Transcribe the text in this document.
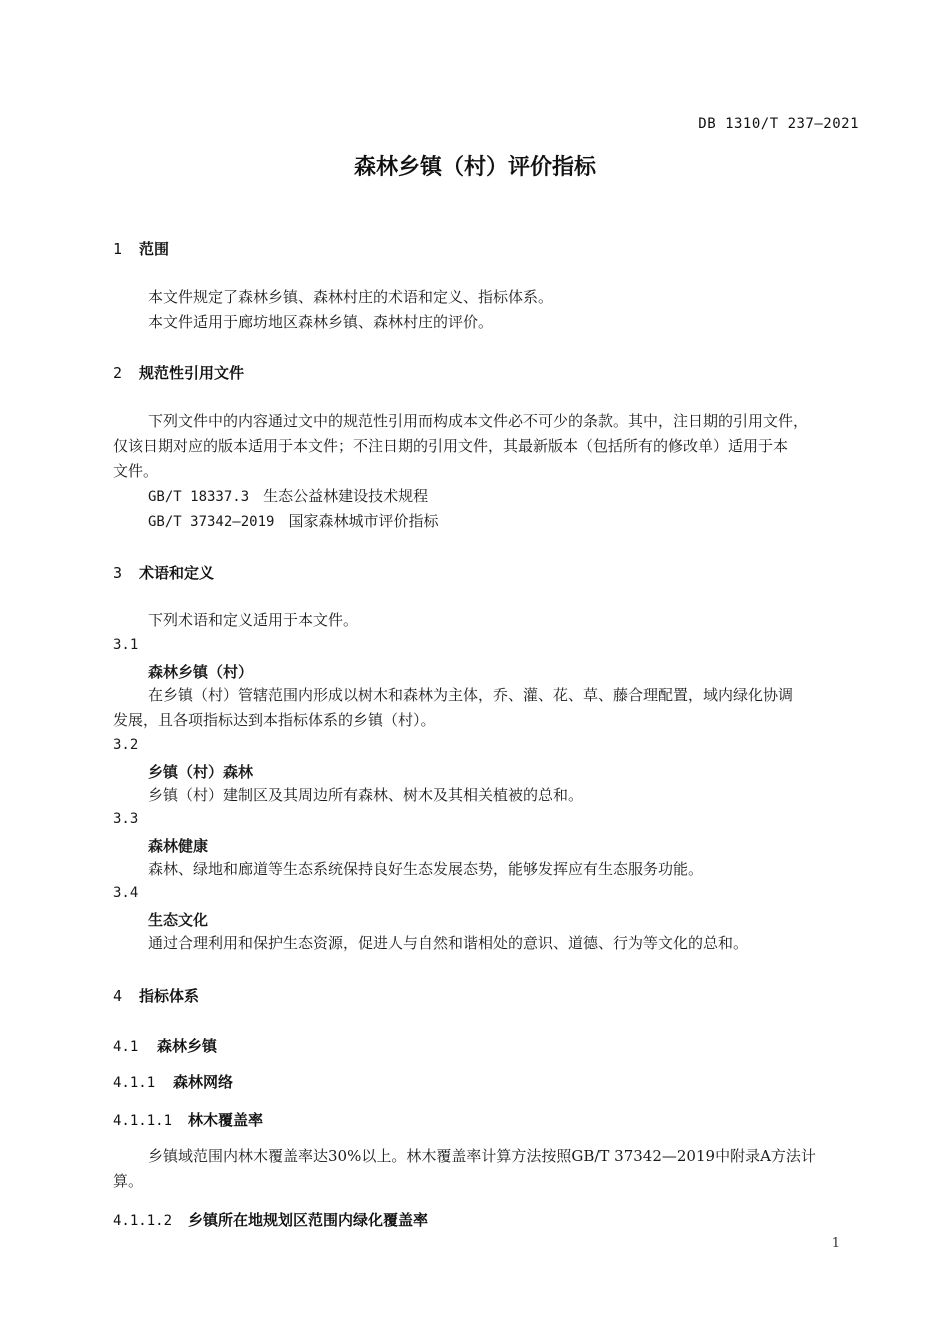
DB 1310/T 237—2021
森林乡镇（村）评价指标
1 范围
本文件规定了森林乡镇、森林村庄的术语和定义、指标体系。
本文件适用于廊坊地区森林乡镇、森林村庄的评价。
2 规范性引用文件
下列文件中的内容通过文中的规范性引用而构成本文件必不可少的条款。其中，注日期的引用文件，
仅该日期对应的版本适用于本文件；不注日期的引用文件，其最新版本（包括所有的修改单）适用于本
文件。
GB/T 18337.3 生态公益林建设技术规程
GB/T 37342—2019 国家森林城市评价指标
3 术语和定义
下列术语和定义适用于本文件。
3.1
森林乡镇（村）
在乡镇（村）管辖范围内形成以树木和森林为主体，乔、灌、花、草、藤合理配置，域内绿化协调
发展，且各项指标达到本指标体系的乡镇（村）。
3.2
乡镇（村）森林
乡镇（村）建制区及其周边所有森林、树木及其相关植被的总和。
3.3
森林健康
森林、绿地和廊道等生态系统保持良好生态发展态势，能够发挥应有生态服务功能。
3.4
生态文化
通过合理利用和保护生态资源，促进人与自然和谐相处的意识、道德、行为等文化的总和。
4 指标体系
4.1 森林乡镇
4.1.1 森林网络
4.1.1.1 林木覆盖率
乡镇域范围内林木覆盖率达30%以上。林木覆盖率计算方法按照GB/T 37342—2019中附录A方法计
算。
4.1.1.2 乡镇所在地规划区范围内绿化覆盖率
1
